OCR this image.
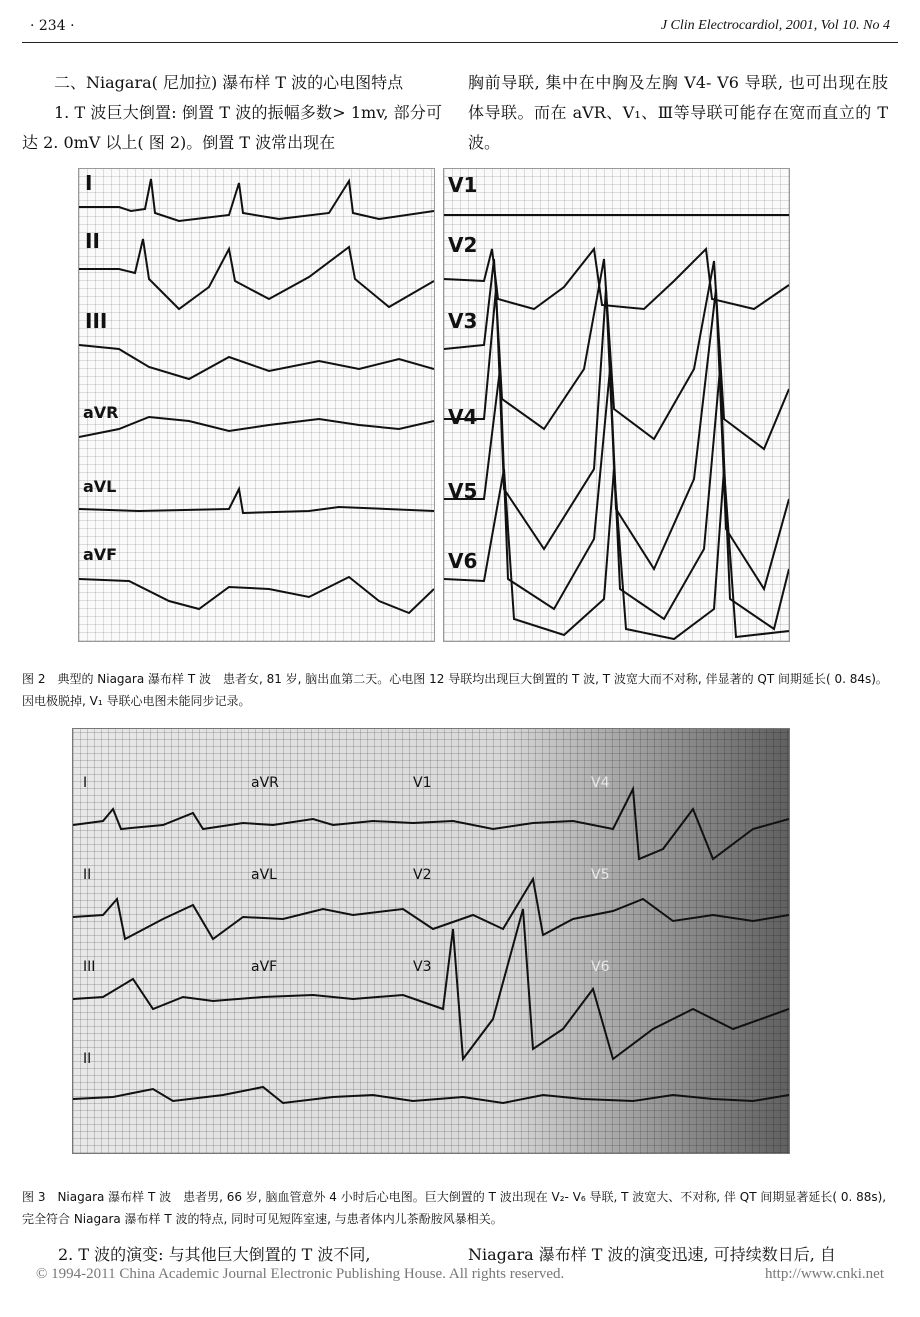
· 234 ·	J Clin Electrocardiol, 2001, Vol 10. No 4
二、Niagara( 尼加拉) 瀑布样 T 波的心电图特点
1. T 波巨大倒置: 倒置 T 波的振幅多数> 1mv, 部分可达 2. 0mV 以上( 图 2)。倒置 T 波常出现在
胸前导联, 集中在中胸及左胸 V4- V6 导联, 也可出现在肢体导联。而在 aVR、V₁、Ⅲ等导联可能存在宽而直立的 T 波。
I
II
III
aVR
aVL
aVF
V1
V2
V3
V4
V5
V6
图 2　典型的 Niagara 瀑布样 T 波　患者女, 81 岁, 脑出血第二天。心电图 12 导联均出现巨大倒置的 T 波, T 波宽大而不对称, 伴显著的 QT 间期延长( 0. 84s)。因电极脱掉, V₁ 导联心电图未能同步记录。
I	aVR	V1	V4
II	aVL	V2	V5
III	aVF	V3	V6
II
图 3　Niagara 瀑布样 T 波　患者男, 66 岁, 脑血管意外 4 小时后心电图。巨大倒置的 T 波出现在 V₂- V₆ 导联, T 波宽大、不对称, 伴 QT 间期显著延长( 0. 88s), 完全符合 Niagara 瀑布样 T 波的特点, 同时可见短阵室速, 与患者体内儿茶酚胺风暴相关。
2. T 波的演变: 与其他巨大倒置的 T 波不同,	Niagara 瀑布样 T 波的演变迅速, 可持续数日后, 自
© 1994-2011 China Academic Journal Electronic Publishing House. All rights reserved.	http://www.cnki.net
